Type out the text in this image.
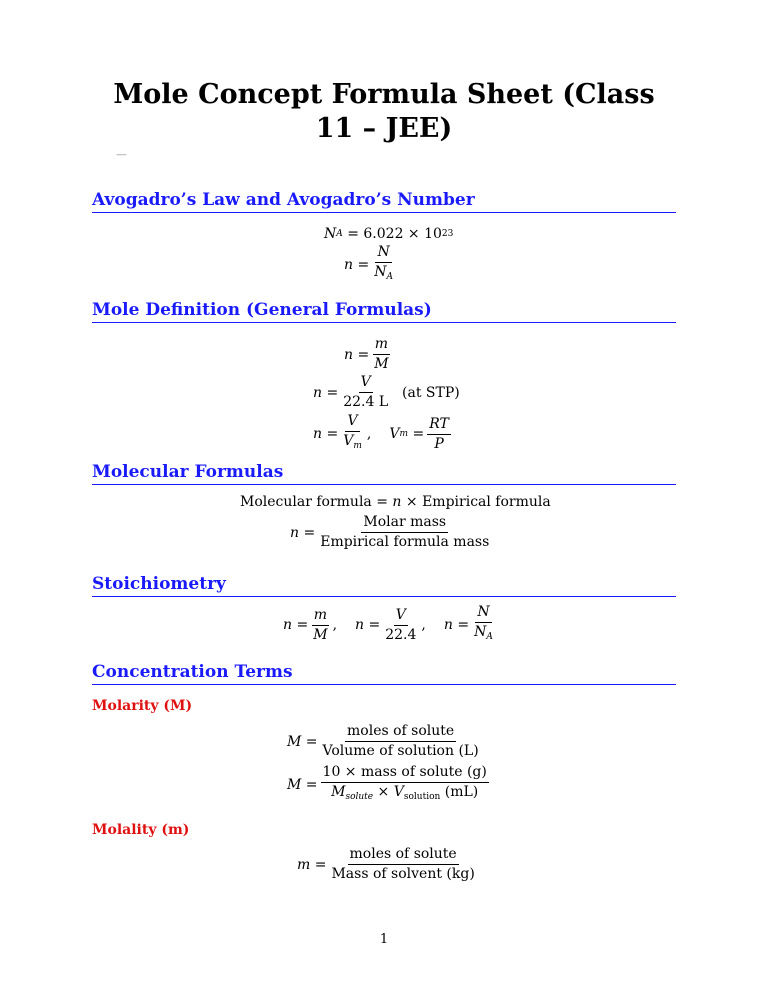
Mole Concept Formula Sheet (Class 11 – JEE)
—
Avogadro’s Law and Avogadro’s Number
N A = 6.022 × 10 23
$n = \frac{N}{N_A}$
Mole Definition (General Formulas)
$n = \frac{m}{M}$
$n = \frac{V}{22.4 L}$
(at STP)
$n = \frac{V}{V_m}$ , V $m = \frac{RT}{P}$
Molecular Formulas
Molecular formula = n
× Empirical formula
$n = \frac{\text{Molar mass}}{\text{Empirical formula mass}}$
Stoichiometry
$n = \frac{m}{M}$ , $n = \frac{V}{22.4}$ , $n = \frac{N}{N_A}$
Concentration Terms
Molarity (M)
$M = \frac{\text{moles of solute}}{\text{Volume of solution (L)}}$
$M = \frac{\text{10 × mass of solute (g)}}{M_{solute} \times V_{solution} (mL)}$
Molality (m)
$m = \frac{\text{moles of solute}}{\text{Mass of solvent (kg)}}$
1
